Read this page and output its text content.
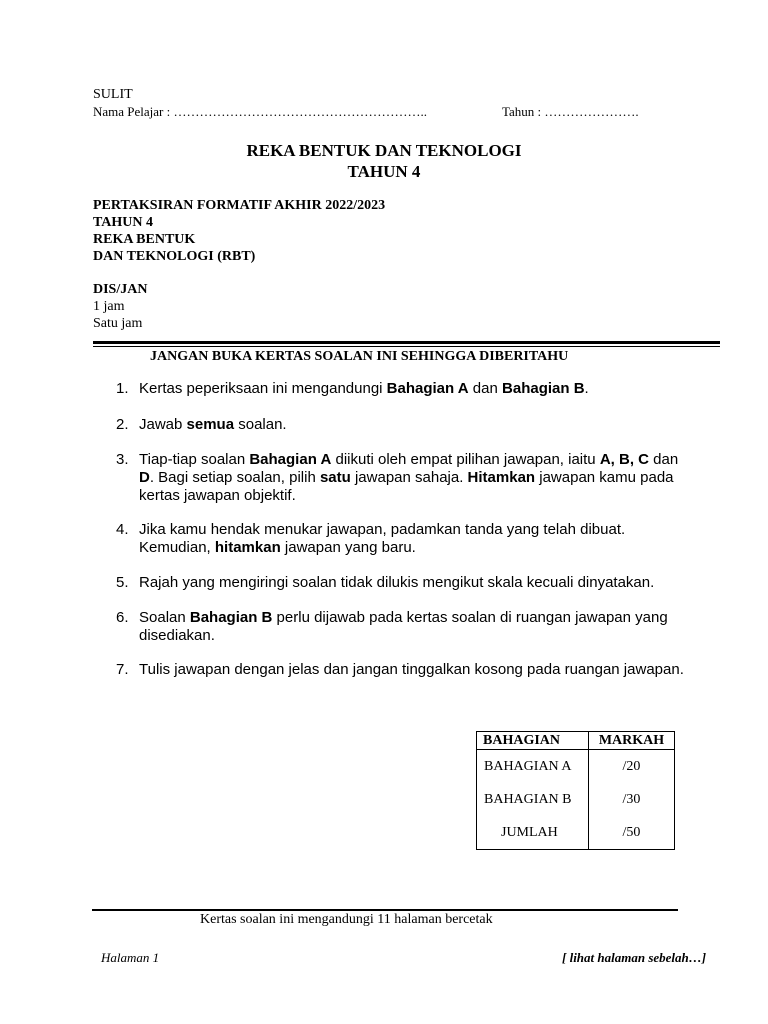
SULIT
Nama Pelajar : …………………………………………………..	Tahun : ………………….
REKA BENTUK DAN TEKNOLOGI
TAHUN 4
PERTAKSIRAN FORMATIF AKHIR 2022/2023
TAHUN 4
REKA BENTUK
DAN TEKNOLOGI (RBT)
DIS/JAN
1 jam
Satu jam
JANGAN BUKA KERTAS SOALAN INI SEHINGGA DIBERITAHU
1. Kertas peperiksaan ini mengandungi Bahagian A dan Bahagian B.
2. Jawab semua soalan.
3. Tiap-tiap soalan Bahagian A diikuti oleh empat pilihan jawapan, iaitu A, B, C dan D. Bagi setiap soalan, pilih satu jawapan sahaja. Hitamkan jawapan kamu pada kertas jawapan objektif.
4. Jika kamu hendak menukar jawapan, padamkan tanda yang telah dibuat. Kemudian, hitamkan jawapan yang baru.
5. Rajah yang mengiringi soalan tidak dilukis mengikut skala kecuali dinyatakan.
6. Soalan Bahagian B perlu dijawab pada kertas soalan di ruangan jawapan yang disediakan.
7. Tulis jawapan dengan jelas dan jangan tinggalkan kosong pada ruangan jawapan.
BAHAGIAN	MARKAH
BAHAGIAN A	/20
BAHAGIAN B	/30
JUMLAH	/50
Kertas soalan ini mengandungi 11 halaman bercetak
Halaman 1	[ lihat halaman sebelah…]
